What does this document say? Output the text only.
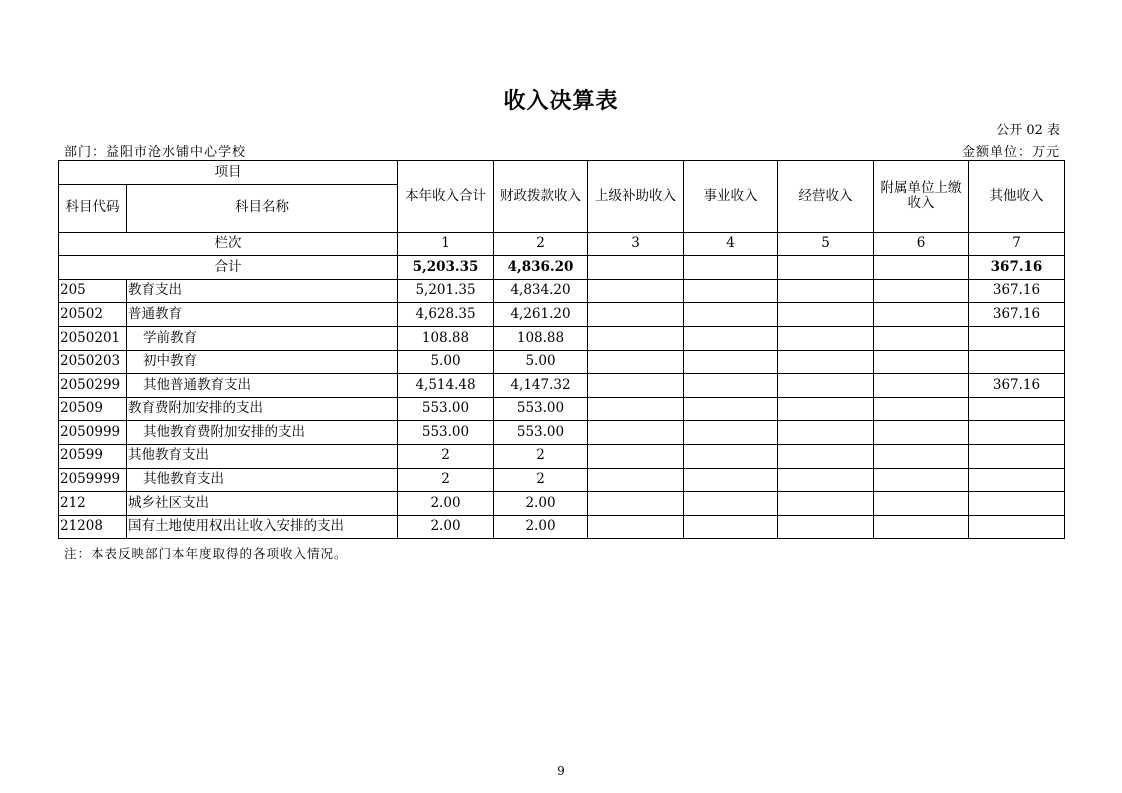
收入决算表
公开 02 表
部门：益阳市沧水铺中心学校	金额单位：万元
项目		本年收入合计	财政拨款收入	上级补助收入	事业收入	经营收入	附属单位上缴收入	其他收入
科目代码	科目名称							
栏次		1	2	3	4	5	6	7
合计		5,203.35	4,836.20					367.16
205	教育支出	5,201.35	4,834.20					367.16
20502	普通教育	4,628.35	4,261.20					367.16
2050201	学前教育	108.88	108.88					
2050203	初中教育	5.00	5.00					
2050299	其他普通教育支出	4,514.48	4,147.32					367.16
20509	教育费附加安排的支出	553.00	553.00					
2050999	其他教育费附加安排的支出	553.00	553.00					
20599	其他教育支出	2	2					
2059999	其他教育支出	2	2					
212	城乡社区支出	2.00	2.00					
21208	国有土地使用权出让收入安排的支出	2.00	2.00					
注：本表反映部门本年度取得的各项收入情况。
9
